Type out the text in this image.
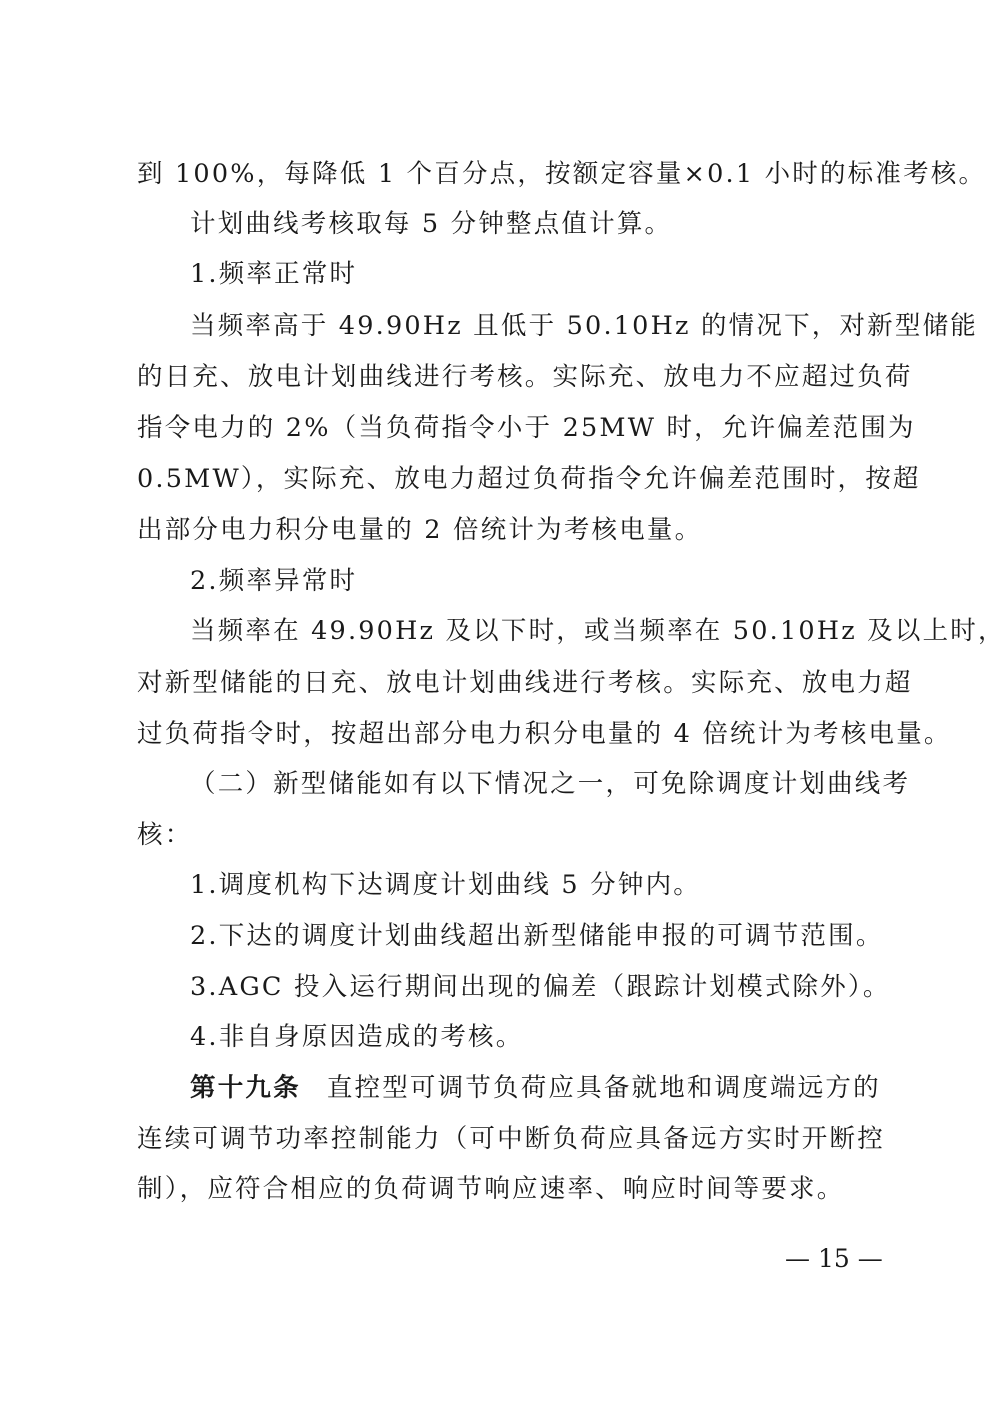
到 100%，每降低 1 个百分点，按额定容量×0.1 小时的标准考核。
计划曲线考核取每 5 分钟整点值计算。
1.频率正常时
当频率高于 49.90Hz 且低于 50.10Hz 的情况下，对新型储能
的日充、放电计划曲线进行考核。实际充、放电力不应超过负荷
指令电力的 2%（当负荷指令小于 25MW 时，允许偏差范围为
0.5MW），实际充、放电力超过负荷指令允许偏差范围时，按超
出部分电力积分电量的 2 倍统计为考核电量。
2.频率异常时
当频率在 49.90Hz 及以下时，或当频率在 50.10Hz 及以上时，
对新型储能的日充、放电计划曲线进行考核。实际充、放电力超
过负荷指令时，按超出部分电力积分电量的 4 倍统计为考核电量。
（二）新型储能如有以下情况之一，可免除调度计划曲线考
核：
1.调度机构下达调度计划曲线 5 分钟内。
2.下达的调度计划曲线超出新型储能申报的可调节范围。
3.AGC 投入运行期间出现的偏差（跟踪计划模式除外）。
4.非自身原因造成的考核。
第十九条 直控型可调节负荷应具备就地和调度端远方的
连续可调节功率控制能力（可中断负荷应具备远方实时开断控
制），应符合相应的负荷调节响应速率、响应时间等要求。
— 15 —
